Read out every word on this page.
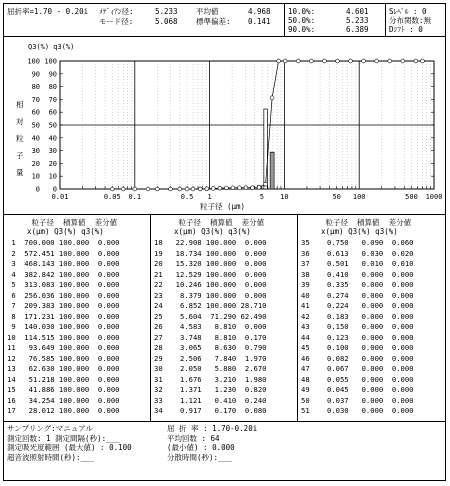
屈折率=1.70 - 0.20i ﾒﾃﾞｨｱﾝ径:	5.233
モード径:	5.068
平均値	4.968
標準偏差: 0.141
10.0%:	4.601
50.0%:	5.233
90.0%:	6.389
Sﾚﾍﾞﾙ : 0
分布関数:無
Dｼﾌﾄ : 0
Q3(%) q3(%)
相
対
粒
子
量
0
0
10
10
20
20
30
30
40
40
50
50
60
60
70
70
80
80
90
90
100
100
0.01	0.05 0.1	0.5 1	5 10	50 100	500 1000
粒子径 (μm)
粒子径  積算値  差分値
x(μm) Q3(%) q3(%)
1  700.000 100.000  0.000
2  572.451 100.000  0.000
3  468.143 100.000  0.000
4  382.842 100.000  0.000
5  313.083 100.000  0.000
6  256.036 100.000  0.000
7  209.383 100.000  0.000
8  171.231 100.000  0.000
9  140.030 100.000  0.000
10  114.515 100.000  0.000
11   93.649 100.000  0.000
12   76.585 100.000  0.000
13   62.630 100.000  0.000
14   51.218 100.000  0.000
15   41.886 100.000  0.000
16   34.254 100.000  0.000
17   28.012 100.000  0.000
粒子径  積算値  差分値
x(μm) Q3(%) q3(%)
18   22.908 100.000  0.000
19   18.734 100.000  0.000
20   15.320 100.000  0.000
21   12.529 100.000  0.000
22   10.246 100.000  0.000
23    8.379 100.000  0.000
24    6.852 100.000 28.710
25    5.604  71.290 62.490
26    4.583   8.810  0.000
27    3.748   8.810  0.170
28    3.065   8.630  0.790
29    2.506   7.840  1.970
30    2.050   5.880  2.670
31    1.676   3.210  1.980
32    1.371   1.230  0.820
33    1.121   0.410  0.240
34    0.917   0.170  0.080
粒子径  積算値  差分値
x(μm) Q3(%) q3(%)
35    0.750   0.090  0.060
36    0.613   0.030  0.020
37    0.501   0.010  0.010
38    0.410   0.000  0.000
39    0.335   0.000  0.000
40    0.274   0.000  0.000
41    0.224   0.000  0.000
42    0.183   0.000  0.000
43    0.150   0.000  0.000
44    0.123   0.000  0.000
45    0.100   0.000  0.000
46    0.082   0.000  0.000
47    0.067   0.000  0.000
48    0.055   0.000  0.000
49    0.045   0.000  0.000
50    0.037   0.000  0.000
51    0.030   0.000  0.000
サンプリング:マニュアル
測定回数: 1 測定間隔(秒):___
測定吸光度範囲 (最大値) : 0.100
超音波照射時間(秒):___
屈 折 率 : 1.70-0.20i
平均回数 : 64
(最小値) : 0.000
分散時間(秒):___
